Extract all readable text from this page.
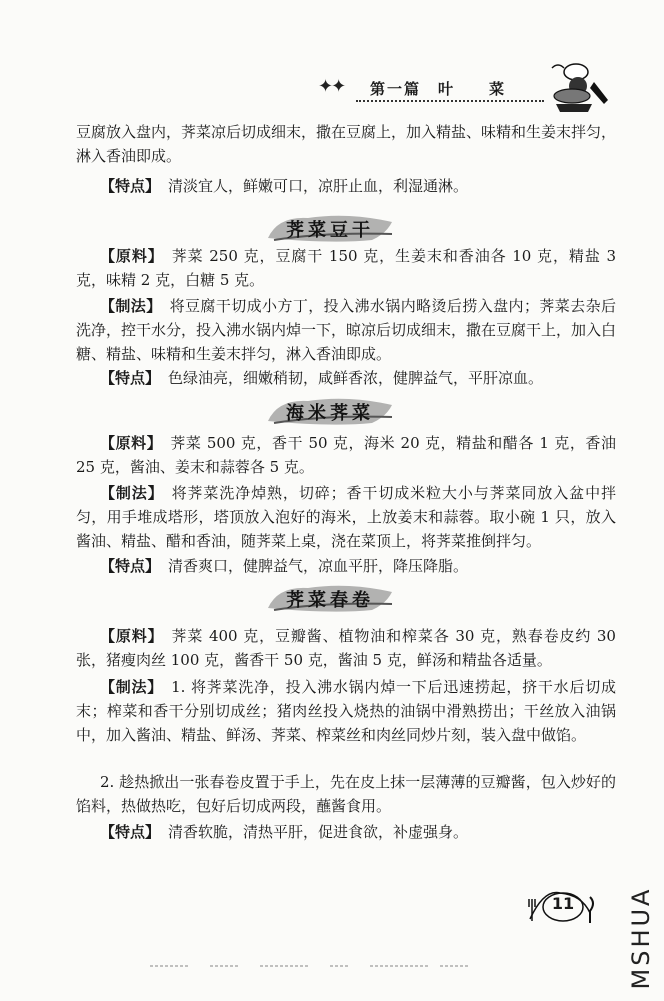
✦✦ 第一篇　叶　　菜
豆腐放入盘内，荠菜凉后切成细末，撒在豆腐上，加入精盐、味精和生姜末拌匀，淋入香油即成。
【特点】 清淡宜人，鲜嫩可口，凉肝止血，利湿通淋。
荠菜豆干
【原料】 荠菜 250 克，豆腐干 150 克，生姜末和香油各 10 克，精盐 3 克，味精 2 克，白糖 5 克。
【制法】 将豆腐干切成小方丁，投入沸水锅内略烫后捞入盘内；荠菜去杂后洗净，控干水分，投入沸水锅内焯一下，晾凉后切成细末，撒在豆腐干上，加入白糖、精盐、味精和生姜末拌匀，淋入香油即成。
【特点】 色绿油亮，细嫩稍韧，咸鲜香浓，健脾益气，平肝凉血。
海米荠菜
【原料】 荠菜 500 克，香干 50 克，海米 20 克，精盐和醋各 1 克，香油 25 克，酱油、姜末和蒜蓉各 5 克。
【制法】 将荠菜洗净焯熟，切碎；香干切成米粒大小与荠菜同放入盆中拌匀，用手堆成塔形，塔顶放入泡好的海米，上放姜末和蒜蓉。取小碗 1 只，放入酱油、精盐、醋和香油，随荠菜上桌，浇在菜顶上，将荠菜推倒拌匀。
【特点】 清香爽口，健脾益气，凉血平肝，降压降脂。
荠菜春卷
【原料】 荠菜 400 克，豆瓣酱、植物油和榨菜各 30 克，熟春卷皮约 30 张，猪瘦肉丝 100 克，酱香干 50 克，酱油 5 克，鲜汤和精盐各适量。
【制法】 1. 将荠菜洗净，投入沸水锅内焯一下后迅速捞起，挤干水后切成末；榨菜和香干分别切成丝；猪肉丝投入烧热的油锅中滑熟捞出；干丝放入油锅中，加入酱油、精盐、鲜汤、荠菜、榨菜丝和肉丝同炒片刻，装入盘中做馅。
2. 趁热掀出一张春卷皮置于手上，先在皮上抹一层薄薄的豆瓣酱，包入炒好的馅料，热做热吃，包好后切成两段，蘸酱食用。
【特点】 清香软脆，清热平肝，促进食欲，补虚强身。
11 MSHUA
